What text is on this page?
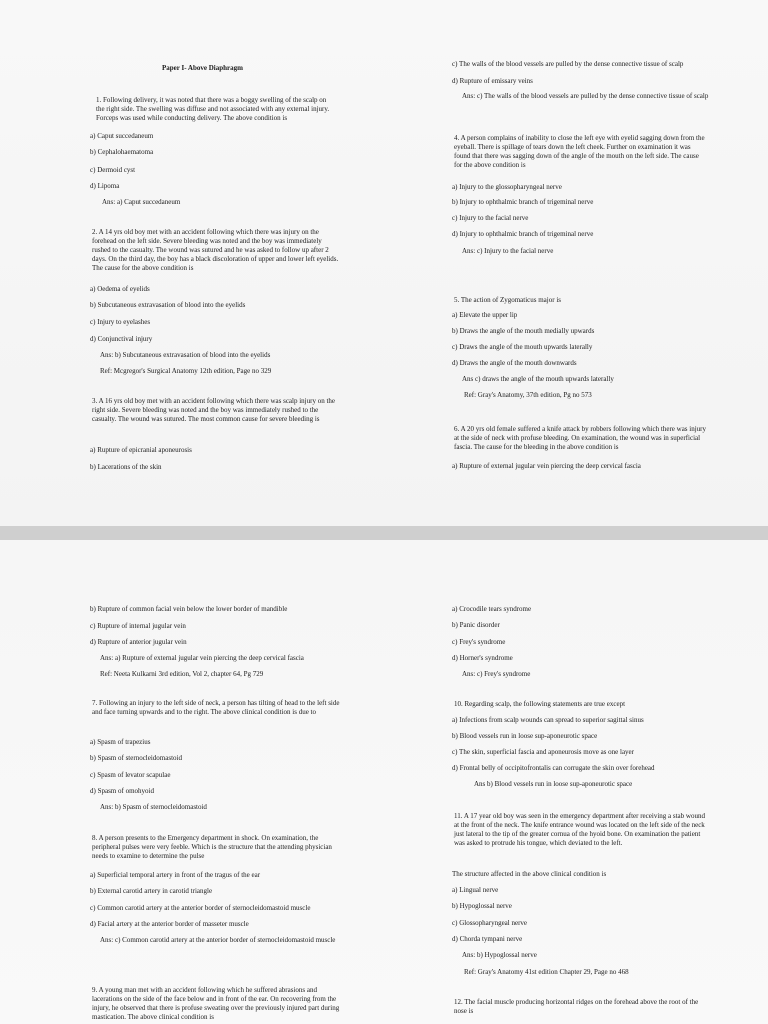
Paper I- Above Diaphragm
1. Following delivery, it was noted that there was a boggy swelling of the scalp on the right side. The swelling was diffuse and not associated with any external injury. Forceps was used while conducting delivery. The above condition is
a) Caput succedaneum
b) Cephalohaematoma
c) Dermoid cyst
d) Lipoma
Ans: a) Caput succedaneum
2. A 14 yrs old boy met with an accident following which there was injury on the forehead on the left side. Severe bleeding was noted and the boy was immediately rushed to the casualty. The wound was sutured and he was asked to follow up after 2 days. On the third day, the boy has a black discoloration of upper and lower left eyelids. The cause for the above condition is
a) Oedema of eyelids
b) Subcutaneous extravasation of blood into the eyelids
c) Injury to eyelashes
d) Conjunctival injury
Ans: b) Subcutaneous extravasation of blood into the eyelids
Ref: Mcgregor's Surgical Anatomy 12th edition, Page no 329
3. A 16 yrs old boy met with an accident following which there was scalp injury on the right side. Severe bleeding was noted and the boy was immediately rushed to the casualty. The wound was sutured. The most common cause for severe bleeding is
a) Rupture of epicranial aponeurosis
b) Lacerations of the skin
c) The walls of the blood vessels are pulled by the dense connective tissue of scalp
d) Rupture of emissary veins
Ans: c) The walls of the blood vessels are pulled by the dense connective tissue of scalp
4. A person complains of inability to close the left eye with eyelid sagging down from the eyeball. There is spillage of tears down the left cheek. Further on examination it was found that there was sagging down of the angle of the mouth on the left side. The cause for the above condition is
a) Injury to the glossopharyngeal nerve
b) Injury to ophthalmic branch of trigeminal nerve
c) Injury to the facial nerve
d) Injury to ophthalmic branch of trigeminal nerve
Ans: c) Injury to the facial nerve
5. The action of Zygomaticus major is
a) Elevate the upper lip
b) Draws the angle of the mouth medially upwards
c) Draws the angle of the mouth upwards laterally
d) Draws the angle of the mouth downwards
Ans c) draws the angle of the mouth upwards laterally
Ref: Gray's Anatomy, 37th edition, Pg no 573
6. A 20 yrs old female suffered a knife attack by robbers following which there was injury at the side of neck with profuse bleeding. On examination, the wound was in superficial fascia. The cause for the bleeding in the above condition is
a) Rupture of external jugular vein piercing the deep cervical fascia
b) Rupture of common facial vein below the lower border of mandible
c) Rupture of internal jugular vein
d) Rupture of anterior jugular vein
Ans: a) Rupture of external jugular vein piercing the deep cervical fascia
Ref: Neeta Kulkarni 3rd edition, Vol 2, chapter 64, Pg 729
7. Following an injury to the left side of neck, a person has tilting of head to the left side and face turning upwards and to the right. The above clinical condition is due to
a) Spasm of trapezius
b) Spasm of sternocleidomastoid
c) Spasm of levator scapulae
d) Spasm of omohyoid
Ans: b) Spasm of sternocleidomastoid
8. A person presents to the Emergency department in shock. On examination, the peripheral pulses were very feeble. Which is the structure that the attending physician needs to examine to determine the pulse
a) Superficial temporal artery in front of the tragus of the ear
b) External carotid artery in carotid triangle
c) Common carotid artery at the anterior border of sternocleidomastoid muscle
d) Facial artery at the anterior border of masseter muscle
Ans: c) Common carotid artery at the anterior border of sternocleidomastoid muscle
9. A young man met with an accident following which he suffered abrasions and lacerations on the side of the face below and in front of the ear. On recovering from the injury, he observed that there is profuse sweating over the previously injured part during mastication. The above clinical condition is
a) Crocodile tears syndrome
b) Panic disorder
c) Frey's syndrome
d) Horner's syndrome
Ans: c) Frey's syndrome
10. Regarding scalp, the following statements are true except
a) Infections from scalp wounds can spread to superior sagittal sinus
b) Blood vessels run in loose sup-aponeurotic space
c) The skin, superficial fascia and aponeurosis move as one layer
d) Frontal belly of occipitofrontalis can corrugate the skin over forehead
Ans b) Blood vessels run in loose sup-aponeurotic space
11. A 17 year old boy was seen in the emergency department after receiving a stab wound at the front of the neck. The knife entrance wound was located on the left side of the neck just lateral to the tip of the greater cornua of the hyoid bone. On examination the patient was asked to protrude his tongue, which deviated to the left.
The structure affected in the above clinical condition is
a) Lingual nerve
b) Hypoglossal nerve
c) Glossopharyngeal nerve
d) Chorda tympani nerve
Ans: b) Hypoglossal nerve
Ref: Gray's Anatomy 41st edition Chapter 29, Page no 468
12. The facial muscle producing horizontal ridges on the forehead above the root of the nose is
